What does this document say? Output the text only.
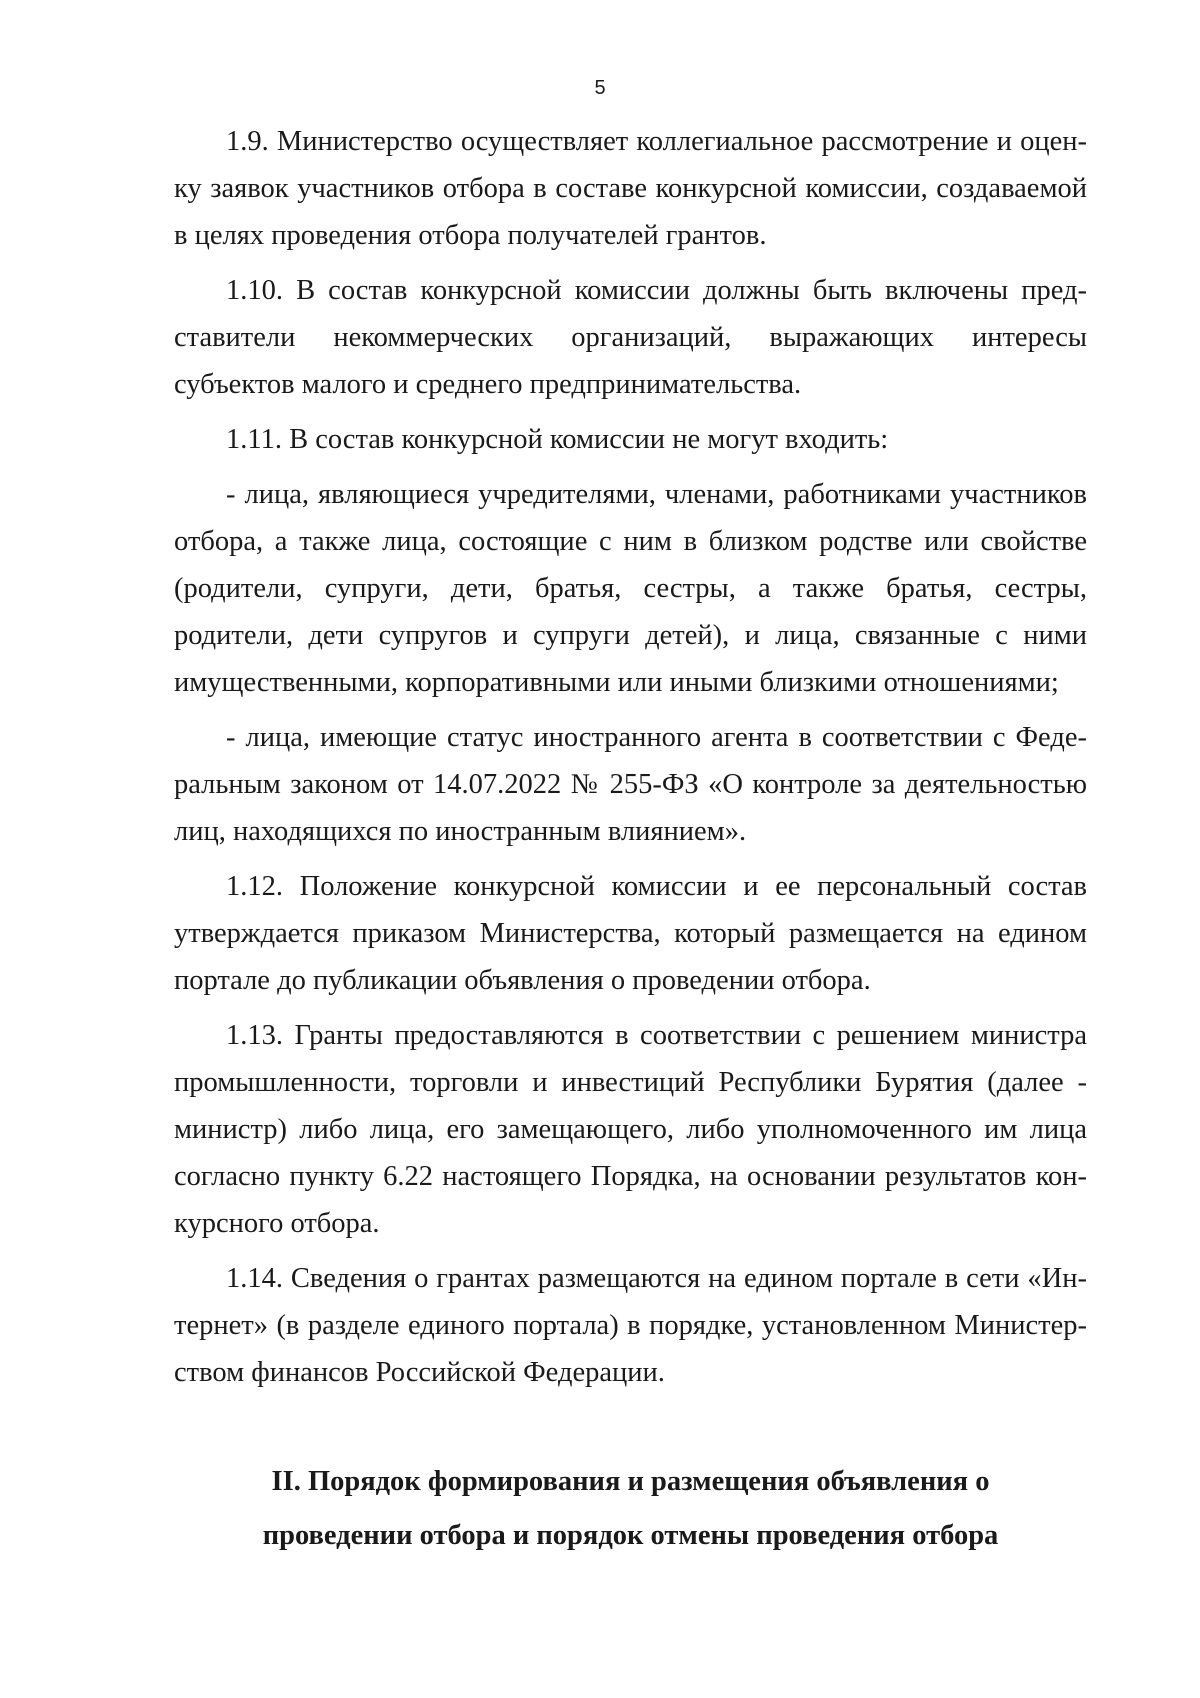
5

1.9. Министерство осуществляет коллегиальное рассмотрение и оценку заявок участников отбора в составе конкурсной комиссии, создаваемой в целях проведения отбора получателей грантов.

1.10. В состав конкурсной комиссии должны быть включены представители некоммерческих организаций, выражающих интересы субъектов малого и среднего предпринимательства.

1.11. В состав конкурсной комиссии не могут входить:

- лица, являющиеся учредителями, членами, работниками участников отбора, а также лица, состоящие с ним в близком родстве или свойстве (родители, супруги, дети, братья, сестры, а также братья, сестры, родители, дети супругов и супруги детей), и лица, связанные с ними имущественными, корпоративными или иными близкими отношениями;

- лица, имеющие статус иностранного агента в соответствии с Федеральным законом от 14.07.2022 № 255-ФЗ «О контроле за деятельностью лиц, находящихся по иностранным влиянием».

1.12. Положение конкурсной комиссии и ее персональный состав утверждается приказом Министерства, который размещается на едином портале до публикации объявления о проведении отбора.

1.13. Гранты предоставляются в соответствии с решением министра промышленности, торговли и инвестиций Республики Бурятия (далее - министр) либо лица, его замещающего, либо уполномоченного им лица согласно пункту 6.22 настоящего Порядка, на основании результатов конкурсного отбора.

1.14. Сведения о грантах размещаются на едином портале в сети «Интернет» (в разделе единого портала) в порядке, установленном Министерством финансов Российской Федерации.

II. Порядок формирования и размещения объявления о
проведении отбора и порядок отмены проведения отбора
